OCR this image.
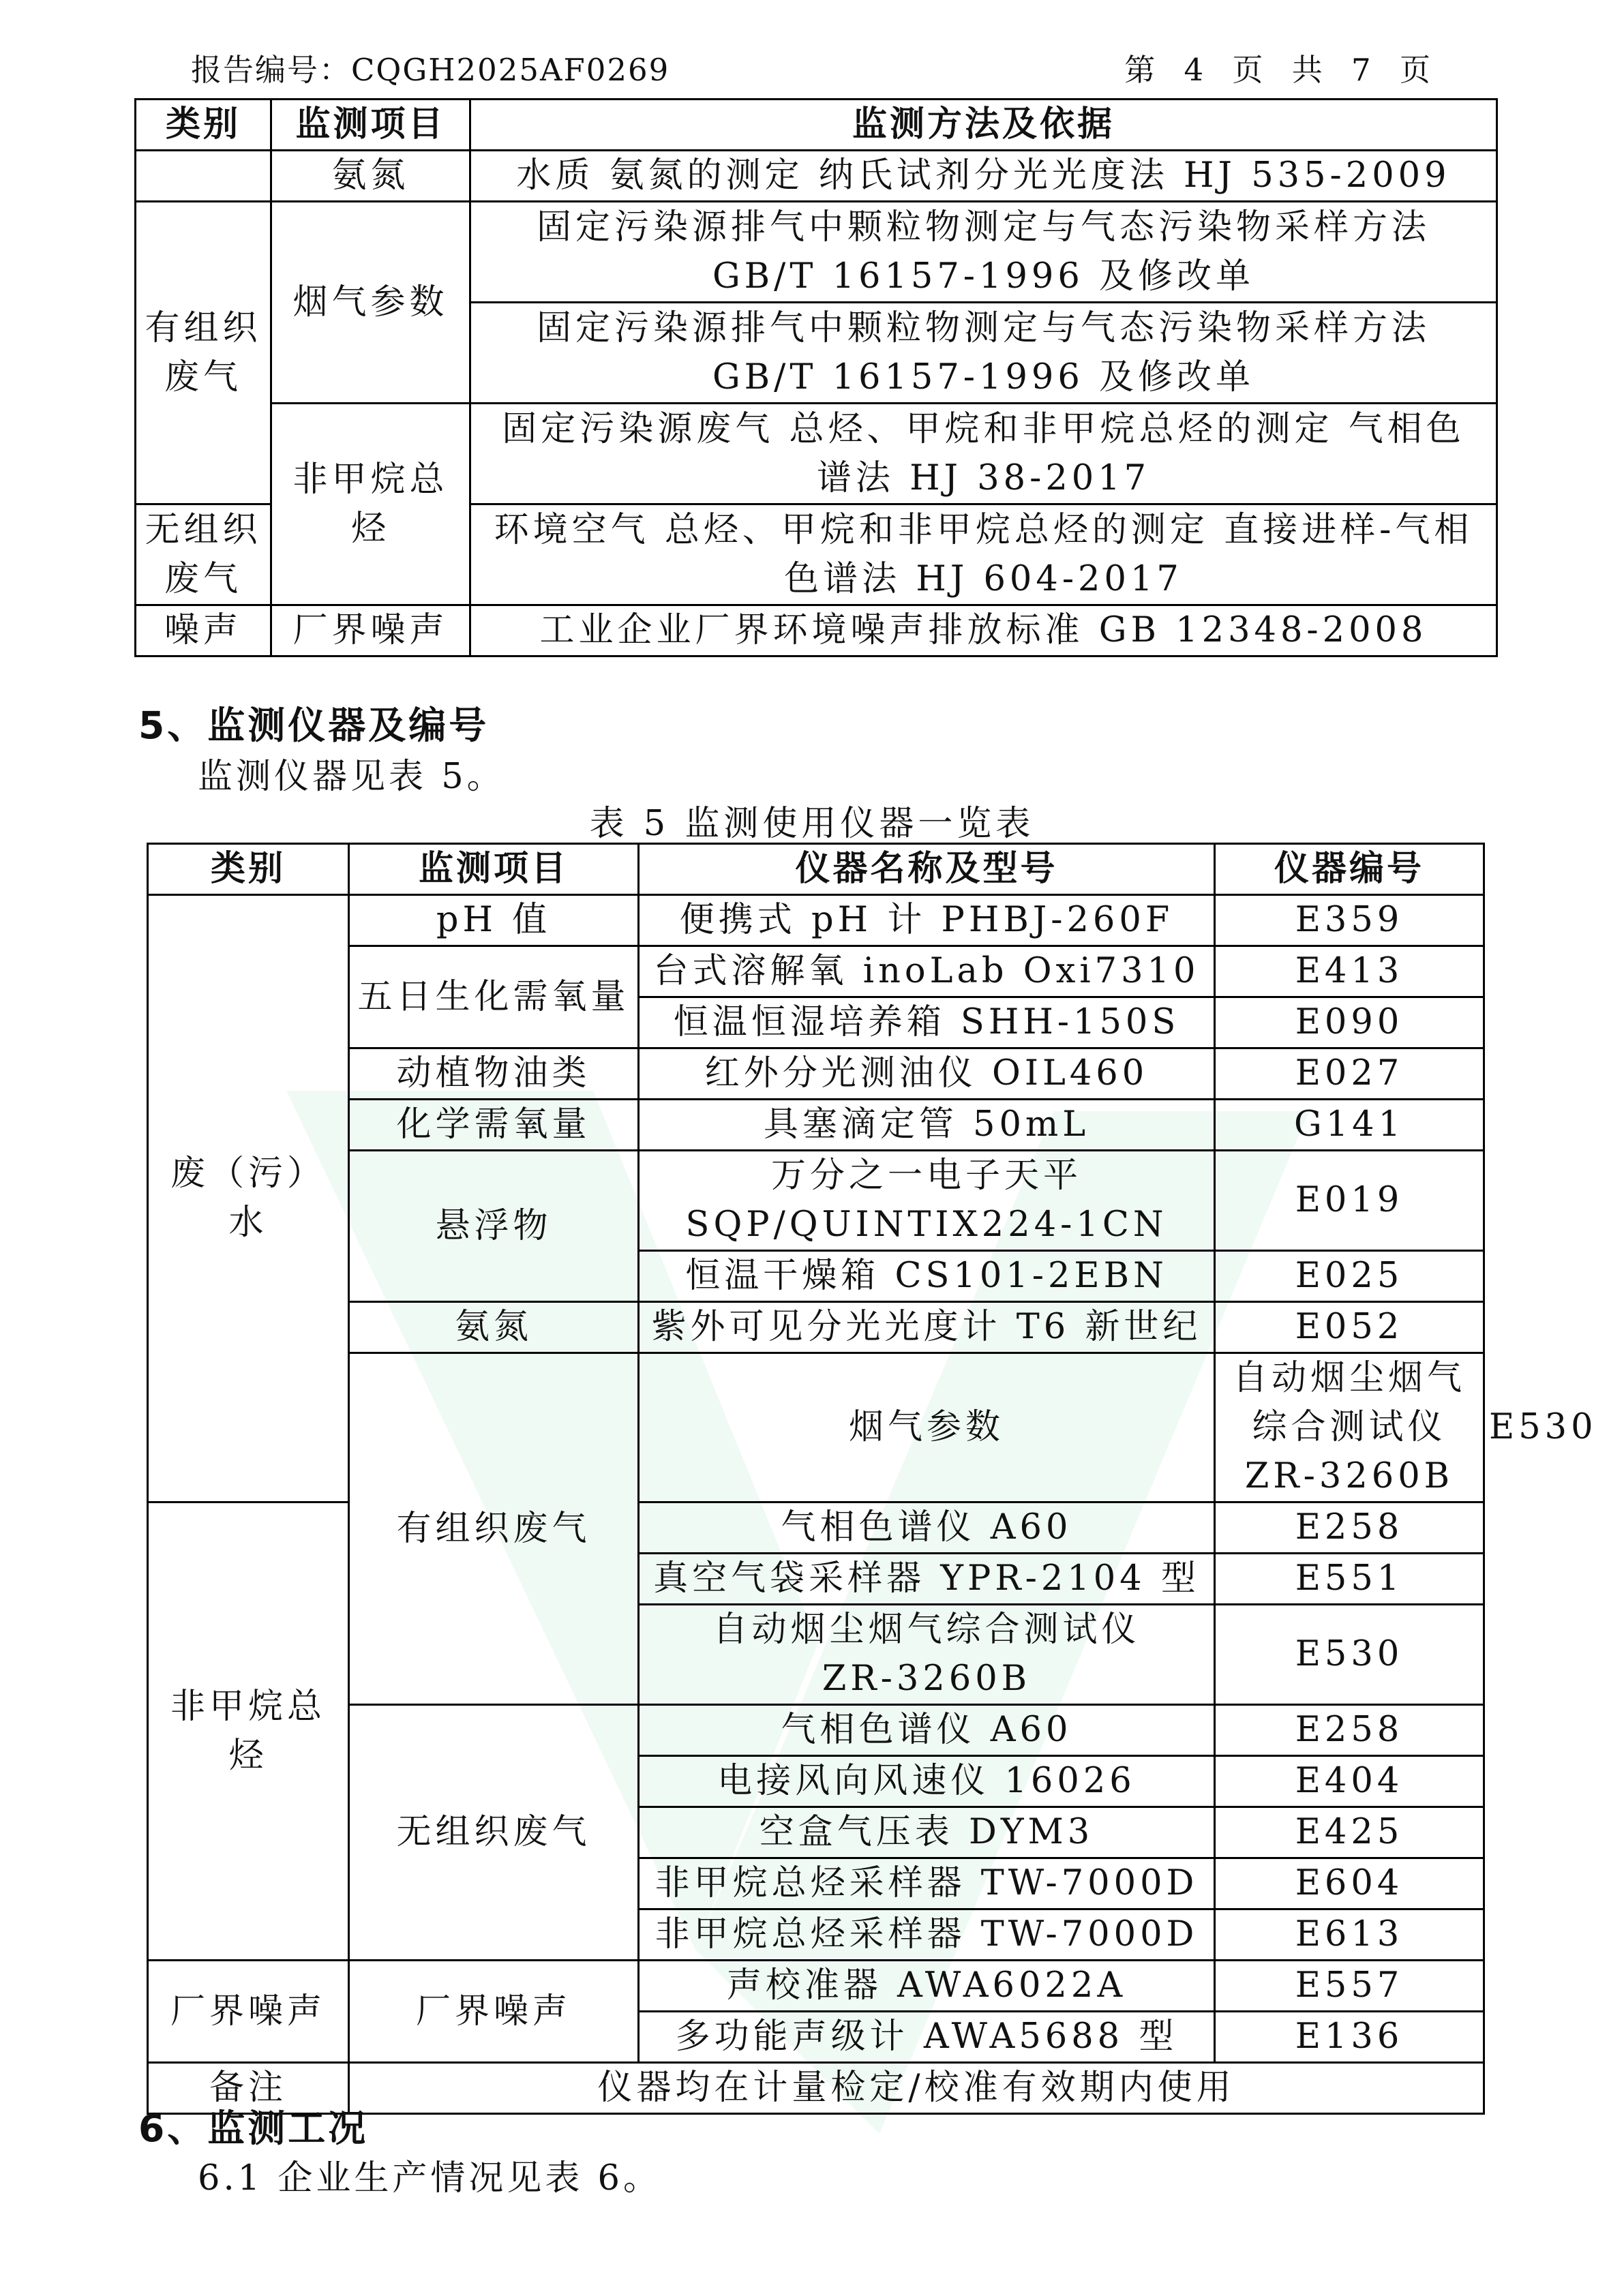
报告编号：CQGH2025AF0269	第 4 页 共 7 页
类别	监测项目	监测方法及依据
	氨氮	水质 氨氮的测定 纳氏试剂分光光度法 HJ 535-2009
有组织废气	烟气参数	固定污染源排气中颗粒物测定与气态污染物采样方法
GB/T 16157-1996 及修改单

		固定污染源排气中颗粒物测定与气态污染物采样方法
GB/T 16157-1996 及修改单

	非甲烷总烃	固定污染源废气 总烃、甲烷和非甲烷总烃的测定 气相色
谱法 HJ 38-2017

无组织废气		环境空气 总烃、甲烷和非甲烷总烃的测定 直接进样-气相
色谱法 HJ 604-2017

噪声	厂界噪声	工业企业厂界环境噪声排放标准 GB 12348-2008
5、监测仪器及编号
监测仪器见表 5。
表 5 监测使用仪器一览表
类别	监测项目	仪器名称及型号	仪器编号	
废（污）水	pH 值	便携式 pH 计 PHBJ-260F	E359	
	五日生化需氧量	台式溶解氧 inoLab Oxi7310	E413	
		恒温恒湿培养箱 SHH-150S	E090	
	动植物油类	红外分光测油仪 OIL460	E027	
	化学需氧量	具塞滴定管 50mL	G141	
	悬浮物	万分之一电子天平
SQP/QUINTIX224-1CN	E019	
		恒温干燥箱 CS101-2EBN	E025	
	氨氮	紫外可见分光光度计 T6 新世纪	E052	
	有组织废气	烟气参数	自动烟尘烟气综合测试仪
ZR-3260B	E530
非甲烷总烃		气相色谱仪 A60	E258	
		真空气袋采样器 YPR-2104 型	E551	

		自动烟尘烟气综合测试仪
ZR-3260B	E530	
	无组织废气	气相色谱仪 A60	E258	
		电接风向风速仪 16026	E404	
		空盒气压表 DYM3	E425	
		非甲烷总烃采样器 TW-7000D	E604	
		非甲烷总烃采样器 TW-7000D	E613	
厂界噪声	厂界噪声	声校准器 AWA6022A	E557	
		多功能声级计 AWA5688 型	E136	
备注	仪器均在计量检定/校准有效期内使用			
6、监测工况
6.1 企业生产情况见表 6。
